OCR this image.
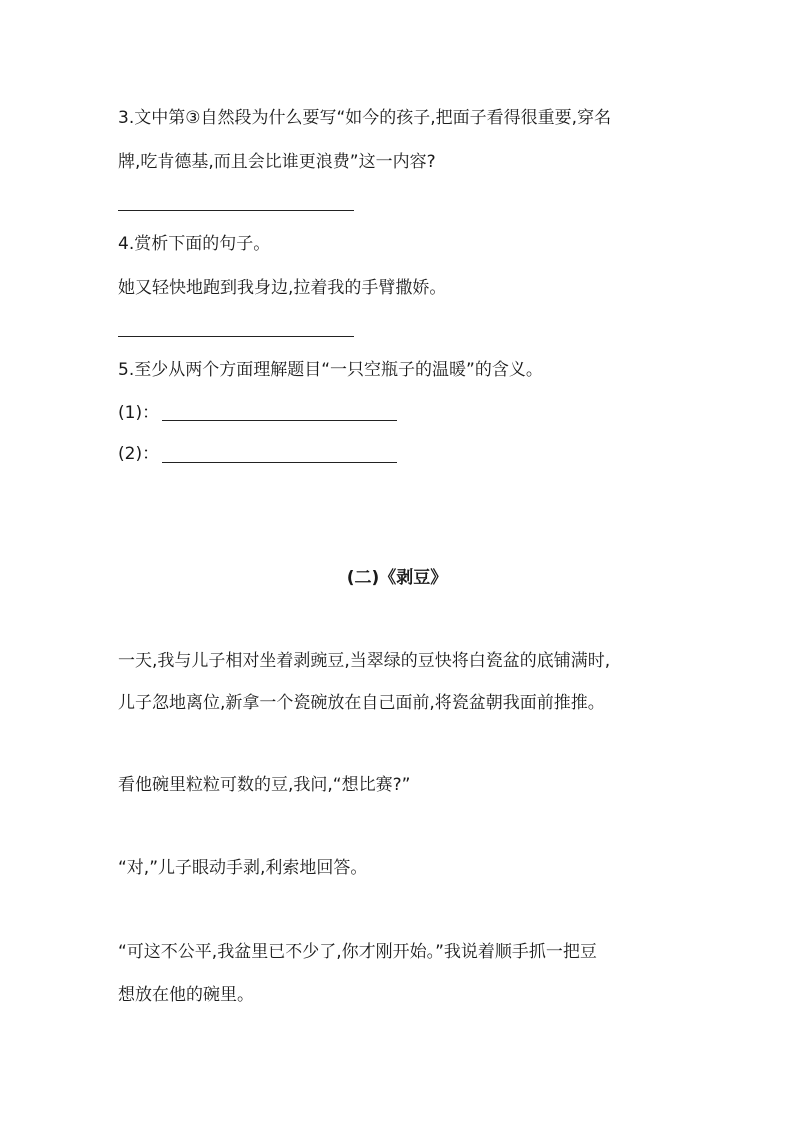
3.文中第③自然段为什么要写“如今的孩子,把面子看得很重要,穿名
牌,吃肯德基,而且会比谁更浪费”这一内容?
4.赏析下面的句子。
她又轻快地跑到我身边,拉着我的手臂撒娇。
5.至少从两个方面理解题目“一只空瓶子的温暖”的含义。
(1)：
(2)：
(二)《剥豆》
一天,我与儿子相对坐着剥豌豆,当翠绿的豆快将白瓷盆的底铺满时,
儿子忽地离位,新拿一个瓷碗放在自己面前,将瓷盆朝我面前推推。
看他碗里粒粒可数的豆,我问,“想比赛?”
“对,”儿子眼动手剥,利索地回答。
“可这不公平,我盆里已不少了,你才刚开始。”我说着顺手抓一把豆
想放在他的碗里。
